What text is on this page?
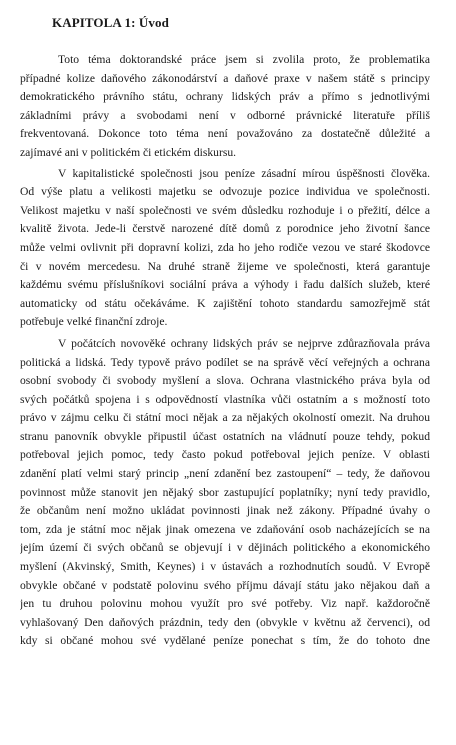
KAPITOLA 1: Úvod
Toto téma doktorandské práce jsem si zvolila proto, že problematika
případné kolize daňového zákonodárství a daňové praxe v našem státě s principy
demokratického právního státu, ochrany lidských práv a přímo s jednotlivými
základními právy a svobodami není v odborné právnické literatuře příliš
frekventovaná. Dokonce toto téma není považováno za dostatečně důležité a
zajímavé ani v politickém či etickém diskursu.
V kapitalistické společnosti jsou peníze zásadní mírou úspěšnosti člověka.
Od výše platu a velikosti majetku se odvozuje pozice individua ve společnosti.
Velikost majetku v naší společnosti ve svém důsledku rozhoduje i o přežití, délce a
kvalitě života. Jede-li čerstvě narozené dítě domů z porodnice jeho životní šance
může velmi ovlivnit při dopravní kolizi, zda ho jeho rodiče vezou ve staré škodovce
či v novém mercedesu. Na druhé straně žijeme ve společnosti, která garantuje
každému svému příslušníkovi sociální práva a výhody i řadu dalších služeb, které
automaticky od státu očekáváme. K zajištění tohoto standardu samozřejmě stát
potřebuje velké finanční zdroje.
V počátcích novověké ochrany lidských práv se nejprve zdůrazňovala práva
politická a lidská. Tedy typově právo podílet se na správě věcí veřejných a ochrana
osobní svobody či svobody myšlení a slova. Ochrana vlastnického práva byla od
svých počátků spojena i s odpovědností vlastníka vůči ostatním a s možností toto
právo v zájmu celku či státní moci nějak a za nějakých okolností omezit. Na druhou
stranu panovník obvykle připustil účast ostatních na vládnutí pouze tehdy, pokud
potřeboval jejich pomoc, tedy často pokud potřeboval jejich peníze. V oblasti
zdanění platí velmi starý princip „není zdanění bez zastoupení“ – tedy, že daňovou
povinnost může stanovit jen nějaký sbor zastupující poplatníky; nyní tedy pravidlo,
že občanům není možno ukládat povinnosti jinak než zákony. Případné úvahy o
tom, zda je státní moc nějak jinak omezena ve zdaňování osob nacházejících se na
jejím území či svých občanů se objevují i v dějinách politického a ekonomického
myšlení (Akvinský, Smith, Keynes) i v ústavách a rozhodnutích soudů. V Evropě
obvykle občané v podstatě polovinu svého příjmu dávají státu jako nějakou daň a
jen tu druhou polovinu mohou využít pro své potřeby. Viz např. každoročně
vyhlašovaný Den daňových prázdnin, tedy den (obvykle v květnu až červenci), od
kdy si občané mohou své vydělané peníze ponechat s tím, že do tohoto dne
